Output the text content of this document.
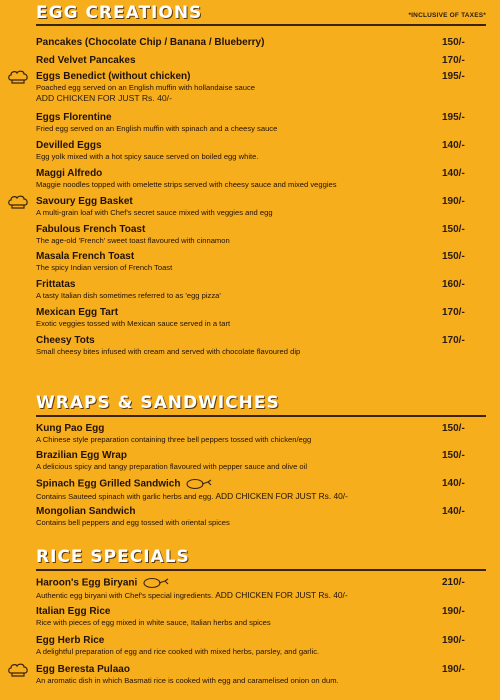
EGG CREATIONS	*INCLUSIVE OF TAXES*
Pancakes (Chocolate Chip / Banana / Blueberry)	150/-
Red Velvet Pancakes	170/-
Eggs Benedict (without chicken)
Poached egg served on an English muffin with hollandaise sauce
ADD CHICKEN FOR JUST Rs. 40/-
195/-
Eggs Florentine
Fried egg served on an English muffin with spinach and a cheesy sauce
195/-
Devilled Eggs
Egg yolk mixed with a hot spicy sauce served on boiled egg white.
140/-
Maggi Alfredo
Maggie noodles topped with omelette strips served with cheesy sauce and mixed veggies
140/-
Savoury Egg Basket
A multi-grain loaf with Chef's secret sauce mixed with veggies and egg
190/-
Fabulous French Toast
The age-old 'French' sweet toast flavoured with cinnamon
150/-
Masala French Toast
The spicy Indian version of French Toast
150/-
Frittatas
A tasty Italian dish sometimes referred to as 'egg pizza'
160/-
Mexican Egg Tart
Exotic veggies tossed with Mexican sauce served in a tart
170/-
Cheesy Tots
Small cheesy bites infused with cream and served with chocolate flavoured dip
170/-
WRAPS & SANDWICHES
Kung Pao Egg
A Chinese style preparation containing three bell peppers tossed with chicken/egg
150/-
Brazilian Egg Wrap
A delicious spicy and tangy preparation flavoured with pepper sauce and olive oil
150/-
Spinach Egg Grilled Sandwich
Contains Sauteed spinach with garlic herbs and egg. ADD CHICKEN FOR JUST Rs. 40/-
140/-
Mongolian Sandwich
Contains bell peppers and egg tossed with oriental spices
140/-
RICE SPECIALS
Haroon's Egg Biryani
Authentic egg biryani with Chef's special ingredients. ADD CHICKEN FOR JUST Rs. 40/-
210/-
Italian Egg Rice
Rice with pieces of egg mixed in white sauce, Italian herbs and spices
190/-
Egg Herb Rice
A delightful preparation of egg and rice cooked with mixed herbs, parsley, and garlic.
190/-
Egg Beresta Pulaao
An aromatic dish in which Basmati rice is cooked with egg and caramelised onion on dum.
190/-
